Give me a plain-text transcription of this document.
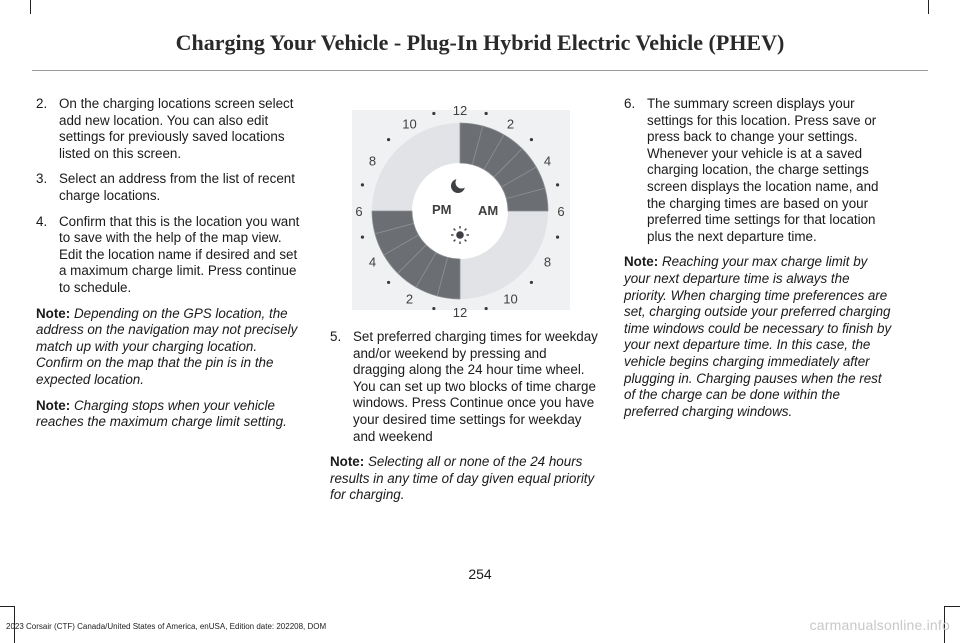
Charging Your Vehicle - Plug-In Hybrid Electric Vehicle (PHEV)
2. On the charging locations screen select add new location. You can also edit settings for previously saved locations listed on this screen.
3. Select an address from the list of recent charge locations.
4. Confirm that this is the location you want to save with the help of the map view. Edit the location name if desired and set a maximum charge limit. Press continue to schedule.
Note: Depending on the GPS location, the address on the navigation may not precisely match up with your charging location. Confirm on the map that the pin is in the expected location.
Note: Charging stops when your vehicle reaches the maximum charge limit setting.
12
2
4
6
8
10
12
2
4
6
8
10
PM AM
5. Set preferred charging times for weekday and/or weekend by pressing and dragging along the 24 hour time wheel. You can set up two blocks of time charge windows. Press Continue once you have your desired time settings for weekday and weekend
Note: Selecting all or none of the 24 hours results in any time of day given equal priority for charging.
6. The summary screen displays your settings for this location. Press save or press back to change your settings. Whenever your vehicle is at a saved charging location, the charge settings screen displays the location name, and the charging times are based on your preferred time settings for that location plus the next departure time.
Note: Reaching your max charge limit by your next departure time is always the priority. When charging time preferences are set, charging outside your preferred charging time windows could be necessary to finish by your next departure time. In this case, the vehicle begins charging immediately after plugging in. Charging pauses when the rest of the charge can be done within the preferred charging windows.
254
2023 Corsair (CTF) Canada/United States of America, enUSA, Edition date: 202208, DOM	carmanualsonline.info
